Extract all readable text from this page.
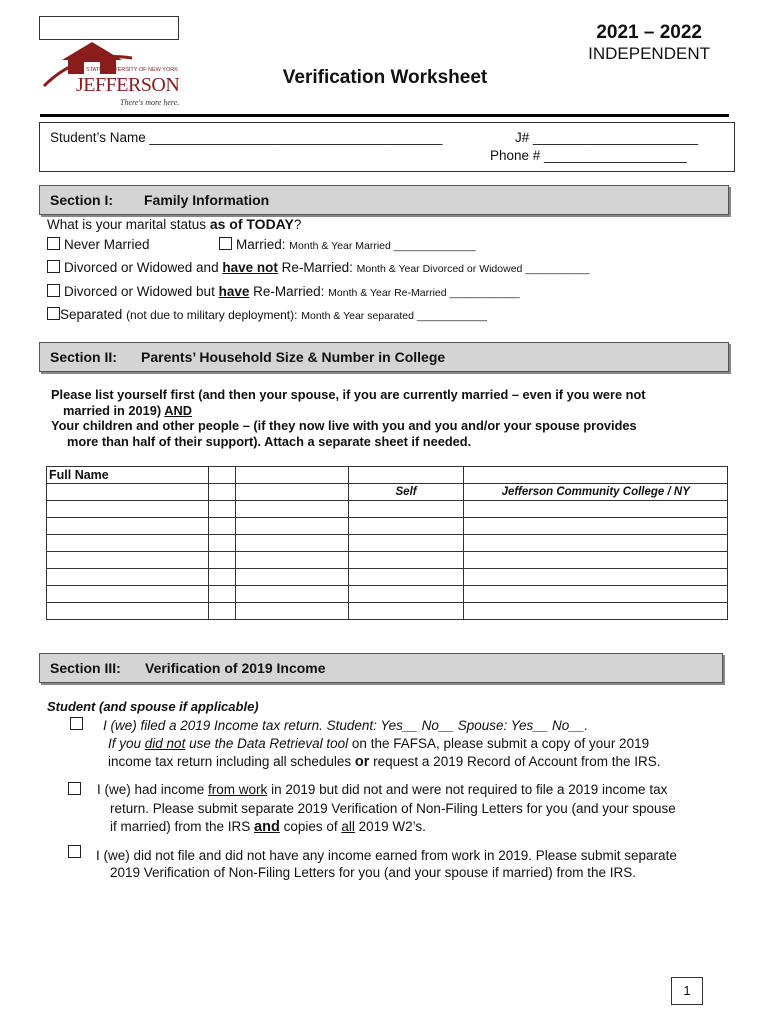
STATE UNIVERSITY OF NEW YORK
JEFFERSON
There's more here.
2021 – 2022
INDEPENDENT
Verification Worksheet
Student’s Name _______________________________________	J# ______________________
Phone # ___________________
Section I: Family Information
What is your marital status as of TODAY?
Never Married	Married: Month & Year Married ______________
Divorced or Widowed and have not Re-Married: Month & Year Divorced or Widowed ___________
Divorced or Widowed but have Re-Married: Month & Year Re-Married ____________
Separated (not due to military deployment): Month & Year separated ____________
Section II: Parents’ Household Size & Number in College
Please list yourself first (and then your spouse, if you are currently married – even if you were not
married in 2019) AND
Your children and other people – (if they now live with you and you and/or your spouse provides
more than half of their support). Attach a separate sheet if needed.
Full Name				
			Self	Jefferson Community College / NY

Section III: Verification of 2019 Income
Student (and spouse if applicable)
I (we) filed a 2019 Income tax return. Student: Yes__ No__ Spouse: Yes__ No__.
If you did not use the Data Retrieval tool on the FAFSA, please submit a copy of your 2019
income tax return including all schedules or request a 2019 Record of Account from the IRS.
I (we) had income from work in 2019 but did not and were not required to file a 2019 income tax
return. Please submit separate 2019 Verification of Non-Filing Letters for you (and your spouse
if married) from the IRS and copies of all 2019 W2’s.
I (we) did not file and did not have any income earned from work in 2019. Please submit separate
2019 Verification of Non-Filing Letters for you (and your spouse if married) from the IRS.
1
